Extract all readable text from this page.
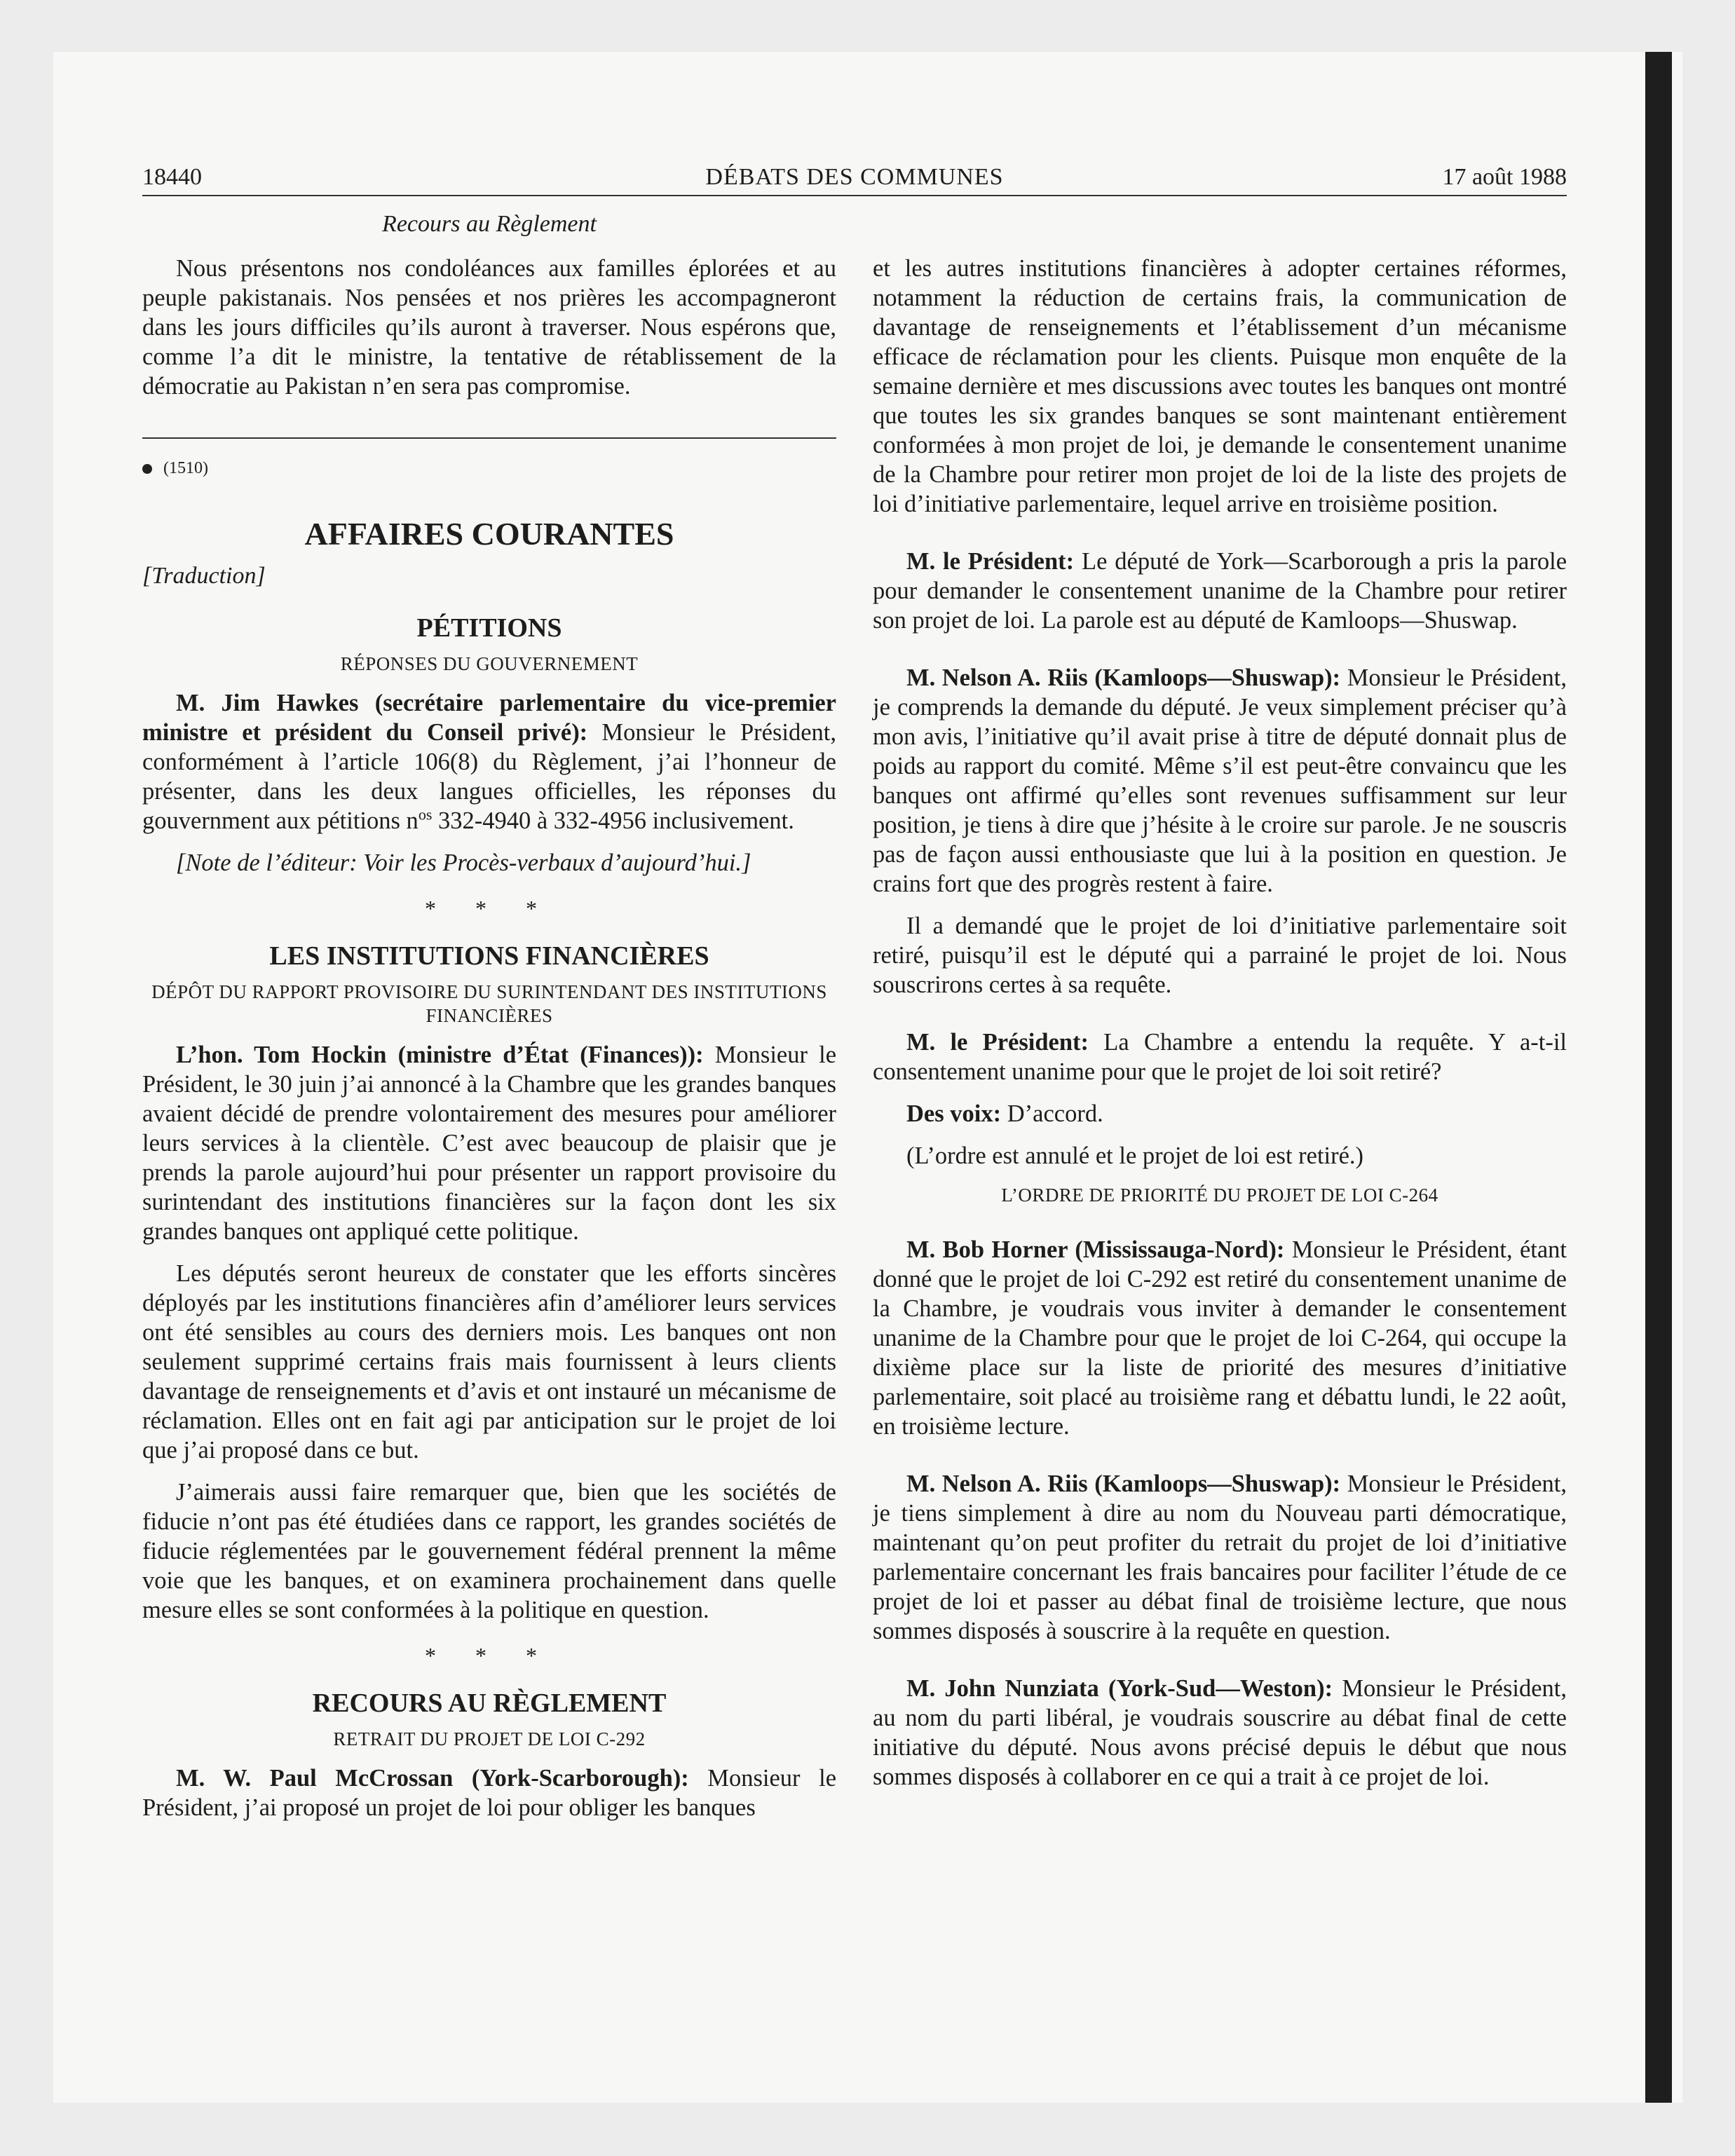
18440	DÉBATS DES COMMUNES	17 août 1988
Recours au Règlement

Nous présentons nos condoléances aux familles éplorées et au peuple pakistanais. Nos pensées et nos prières les accompagneront dans les jours difficiles qu’ils auront à traverser. Nous espérons que, comme l’a dit le ministre, la tentative de rétablissement de la démocratie au Pakistan n’en sera pas compromise.

(1510)
AFFAIRES COURANTES
[Traduction]
PÉTITIONS
RÉPONSES DU GOUVERNEMENT

M. Jim Hawkes (secrétaire parlementaire du vice-premier ministre et président du Conseil privé): Monsieur le Président, conformément à l’article 106(8) du Règlement, j’ai l’honneur de présenter, dans les deux langues officielles, les réponses du gouvernment aux pétitions $n^{os}$ 332-4940 à 332-4956 inclusivement.

[Note de l’éditeur: Voir les Procès-verbaux d’aujourd’hui.]

* * *
LES INSTITUTIONS FINANCIÈRES
DÉPÔT DU RAPPORT PROVISOIRE DU SURINTENDANT DES INSTITUTIONS FINANCIÈRES

L’hon. Tom Hockin (ministre d’État (Finances)): Monsieur le Président, le 30 juin j’ai annoncé à la Chambre que les grandes banques avaient décidé de prendre volontairement des mesures pour améliorer leurs services à la clientèle. C’est avec beaucoup de plaisir que je prends la parole aujourd’hui pour présenter un rapport provisoire du surintendant des institutions financières sur la façon dont les six grandes banques ont appliqué cette politique.

Les députés seront heureux de constater que les efforts sincères déployés par les institutions financières afin d’améliorer leurs services ont été sensibles au cours des derniers mois. Les banques ont non seulement supprimé certains frais mais fournissent à leurs clients davantage de renseignements et d’avis et ont instauré un mécanisme de réclamation. Elles ont en fait agi par anticipation sur le projet de loi que j’ai proposé dans ce but.

J’aimerais aussi faire remarquer que, bien que les sociétés de fiducie n’ont pas été étudiées dans ce rapport, les grandes sociétés de fiducie réglementées par le gouvernement fédéral prennent la même voie que les banques, et on examinera prochainement dans quelle mesure elles se sont conformées à la politique en question.

* * *
RECOURS AU RÈGLEMENT
RETRAIT DU PROJET DE LOI C-292

M. W. Paul McCrossan (York-Scarborough): Monsieur le Président, j’ai proposé un projet de loi pour obliger les banques

et les autres institutions financières à adopter certaines réformes, notamment la réduction de certains frais, la communication de davantage de renseignements et l’établissement d’un mécanisme efficace de réclamation pour les clients. Puisque mon enquête de la semaine dernière et mes discussions avec toutes les banques ont montré que toutes les six grandes banques se sont maintenant entièrement conformées à mon projet de loi, je demande le consentement unanime de la Chambre pour retirer mon projet de loi de la liste des projets de loi d’initiative parlementaire, lequel arrive en troisième position.

M. le Président: Le député de York—Scarborough a pris la parole pour demander le consentement unanime de la Chambre pour retirer son projet de loi. La parole est au député de Kamloops—Shuswap.

M. Nelson A. Riis (Kamloops—Shuswap): Monsieur le Président, je comprends la demande du député. Je veux simplement préciser qu’à mon avis, l’initiative qu’il avait prise à titre de député donnait plus de poids au rapport du comité. Même s’il est peut-être convaincu que les banques ont affirmé qu’elles sont revenues suffisamment sur leur position, je tiens à dire que j’hésite à le croire sur parole. Je ne souscris pas de façon aussi enthousiaste que lui à la position en question. Je crains fort que des progrès restent à faire.

Il a demandé que le projet de loi d’initiative parlementaire soit retiré, puisqu’il est le député qui a parrainé le projet de loi. Nous souscrirons certes à sa requête.

M. le Président: La Chambre a entendu la requête. Y a-t-il consentement unanime pour que le projet de loi soit retiré?

Des voix: D’accord.

(L’ordre est annulé et le projet de loi est retiré.)

L’ORDRE DE PRIORITÉ DU PROJET DE LOI C-264

M. Bob Horner (Mississauga-Nord): Monsieur le Président, étant donné que le projet de loi C-292 est retiré du consentement unanime de la Chambre, je voudrais vous inviter à demander le consentement unanime de la Chambre pour que le projet de loi C-264, qui occupe la dixième place sur la liste de priorité des mesures d’initiative parlementaire, soit placé au troisième rang et débattu lundi, le 22 août, en troisième lecture.

M. Nelson A. Riis (Kamloops—Shuswap): Monsieur le Président, je tiens simplement à dire au nom du Nouveau parti démocratique, maintenant qu’on peut profiter du retrait du projet de loi d’initiative parlementaire concernant les frais bancaires pour faciliter l’étude de ce projet de loi et passer au débat final de troisième lecture, que nous sommes disposés à souscrire à la requête en question.

M. John Nunziata (York-Sud—Weston): Monsieur le Président, au nom du parti libéral, je voudrais souscrire au débat final de cette initiative du député. Nous avons précisé depuis le début que nous sommes disposés à collaborer en ce qui a trait à ce projet de loi.
